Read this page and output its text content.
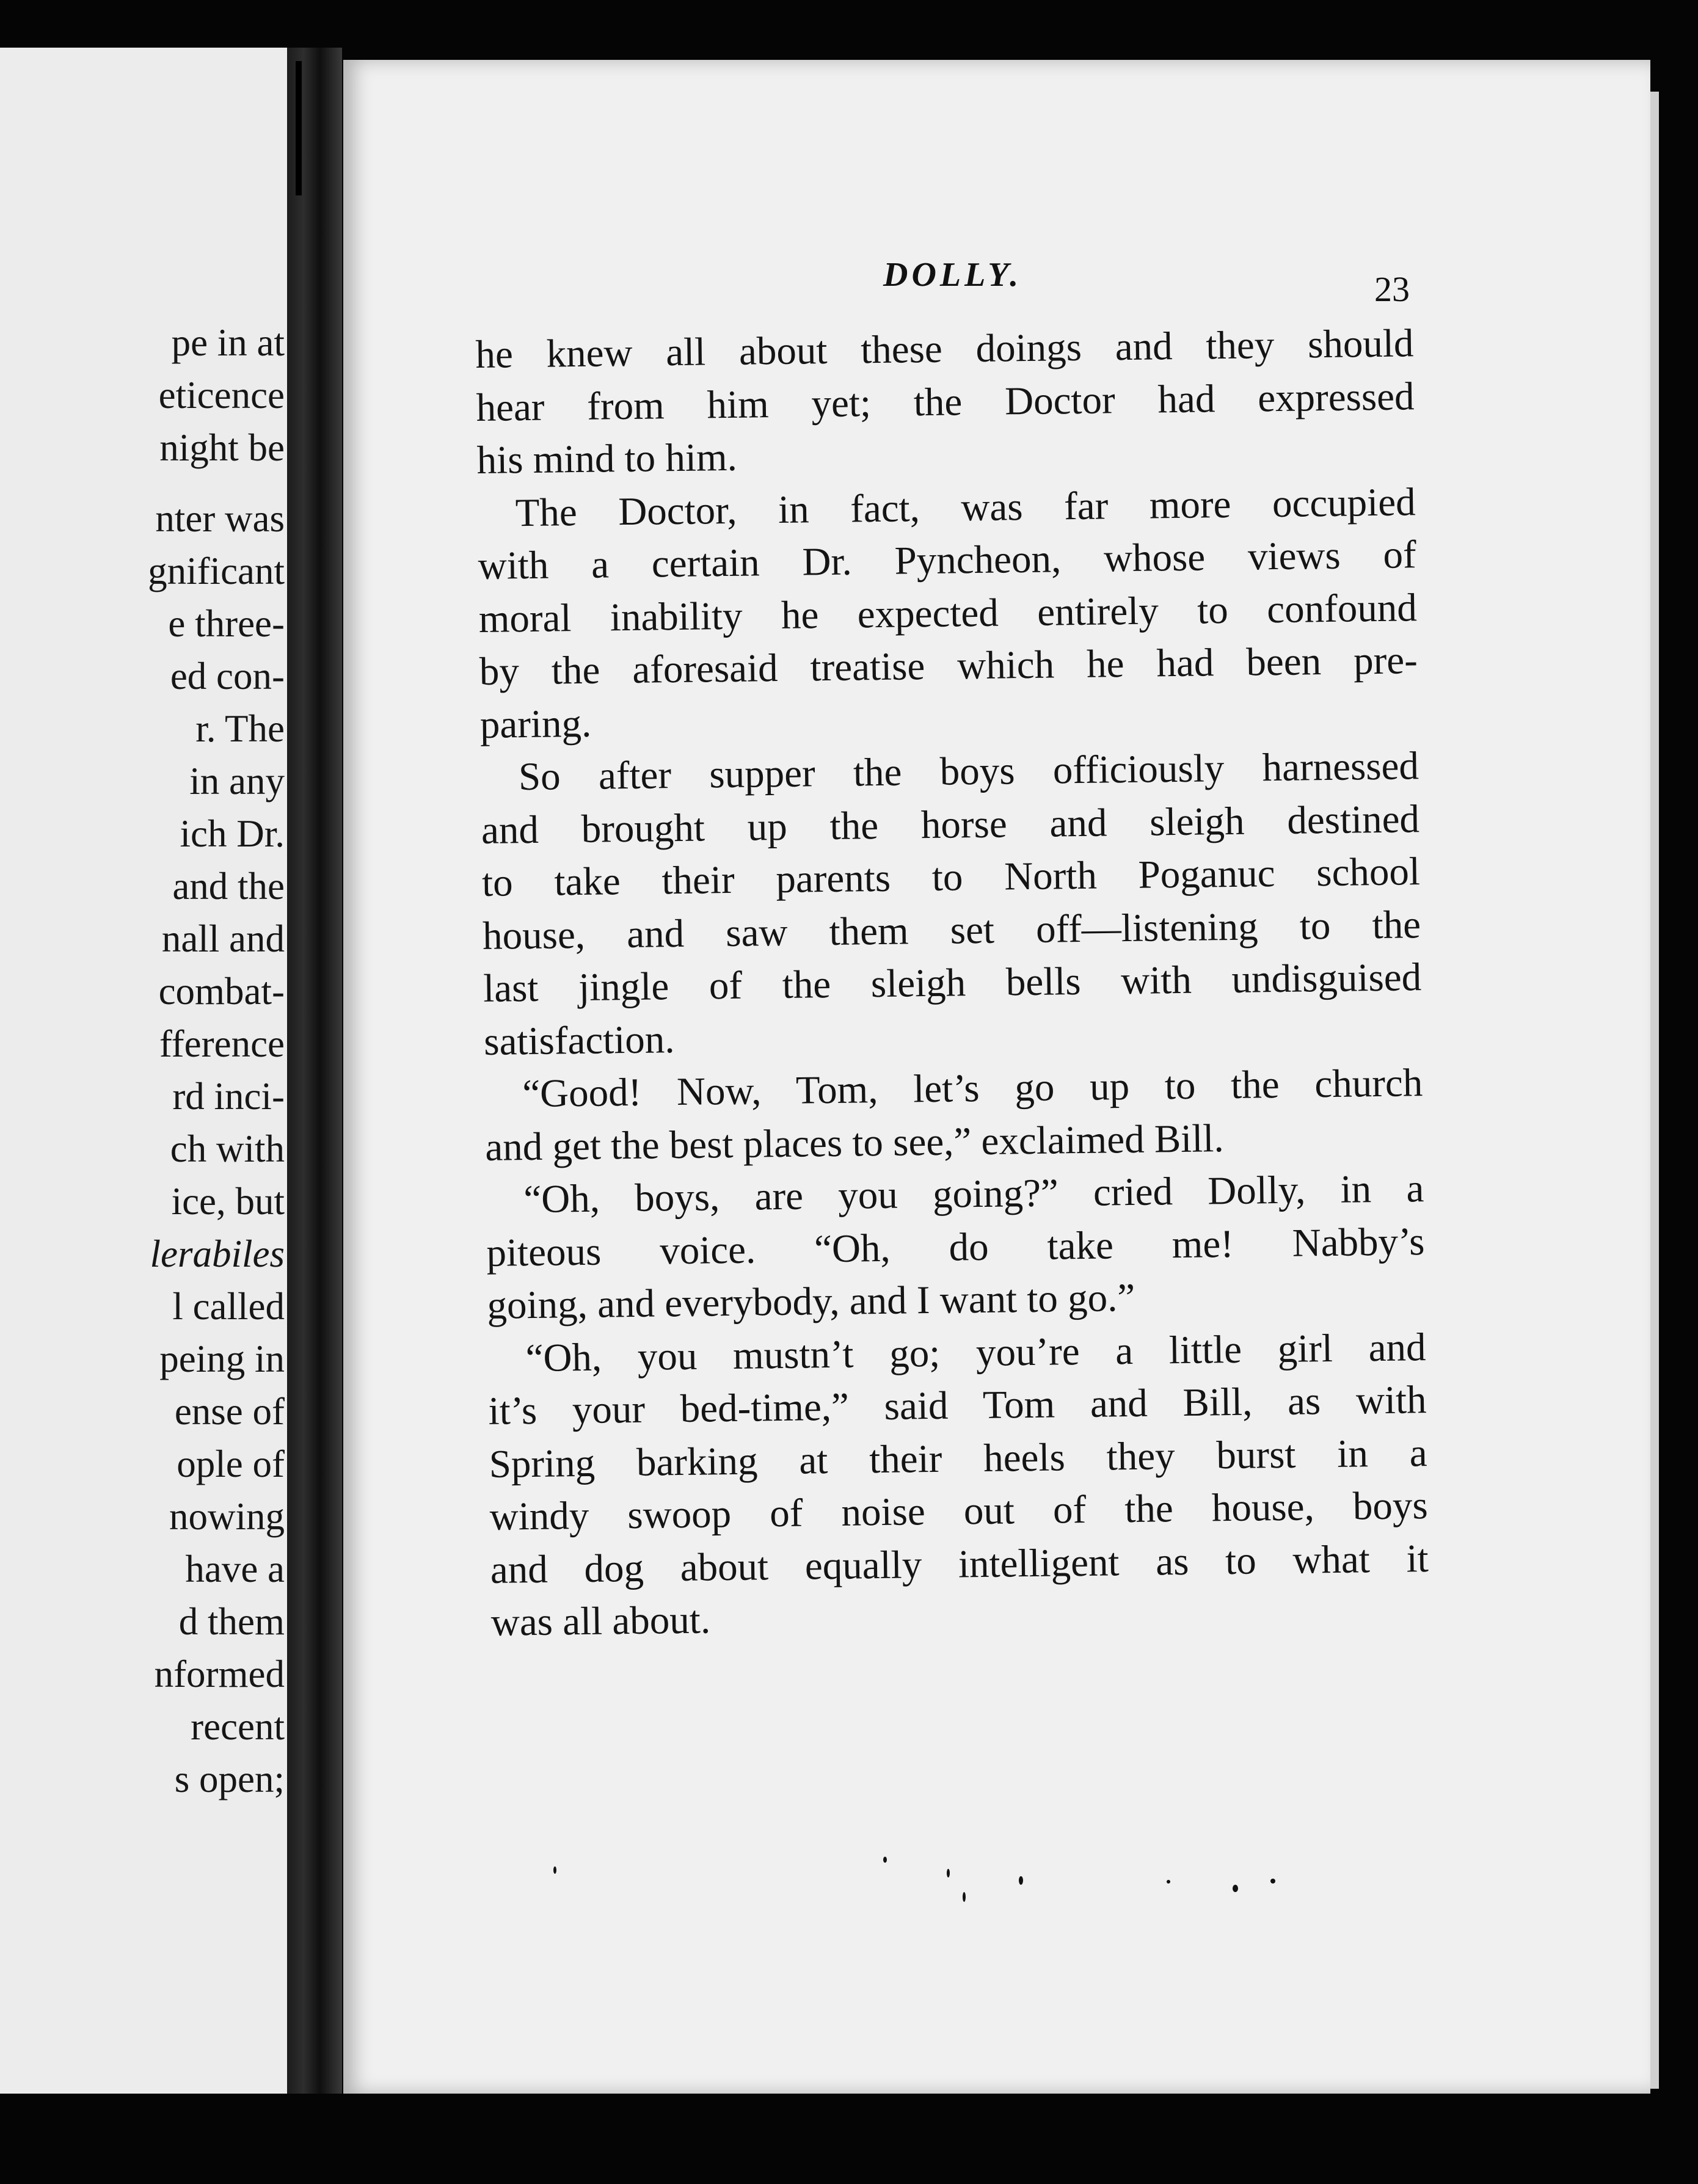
pe in at
eticence
night be
nter was
gnificant
e three-
ed con-
r. The
in any
ich Dr.
and the
nall and
combat-
fference
rd inci-
ch with
ice, but
lerabiles
l called
peing in
ense of
ople of
nowing
have a
d them
nformed
recent
s open;
DOLLY.	23
he knew all about these doings and they should
hear from him yet; the Doctor had expressed
his mind to him.
The Doctor, in fact, was far more occupied
with a certain Dr. Pyncheon, whose views of
moral inability he expected entirely to confound
by the aforesaid treatise which he had been pre-
paring.
So after supper the boys officiously harnessed
and brought up the horse and sleigh destined
to take their parents to North Poganuc school
house, and saw them set off—listening to the
last jingle of the sleigh bells with undisguised
satisfaction.
“Good! Now, Tom, let’s go up to the church
and get the best places to see,” exclaimed Bill.
“Oh, boys, are you going?” cried Dolly, in a
piteous voice. “Oh, do take me! Nabby’s
going, and everybody, and I want to go.”
“Oh, you mustn’t go; you’re a little girl and
it’s your bed-time,” said Tom and Bill, as with
Spring barking at their heels they burst in a
windy swoop of noise out of the house, boys
and dog about equally intelligent as to what it
was all about.
